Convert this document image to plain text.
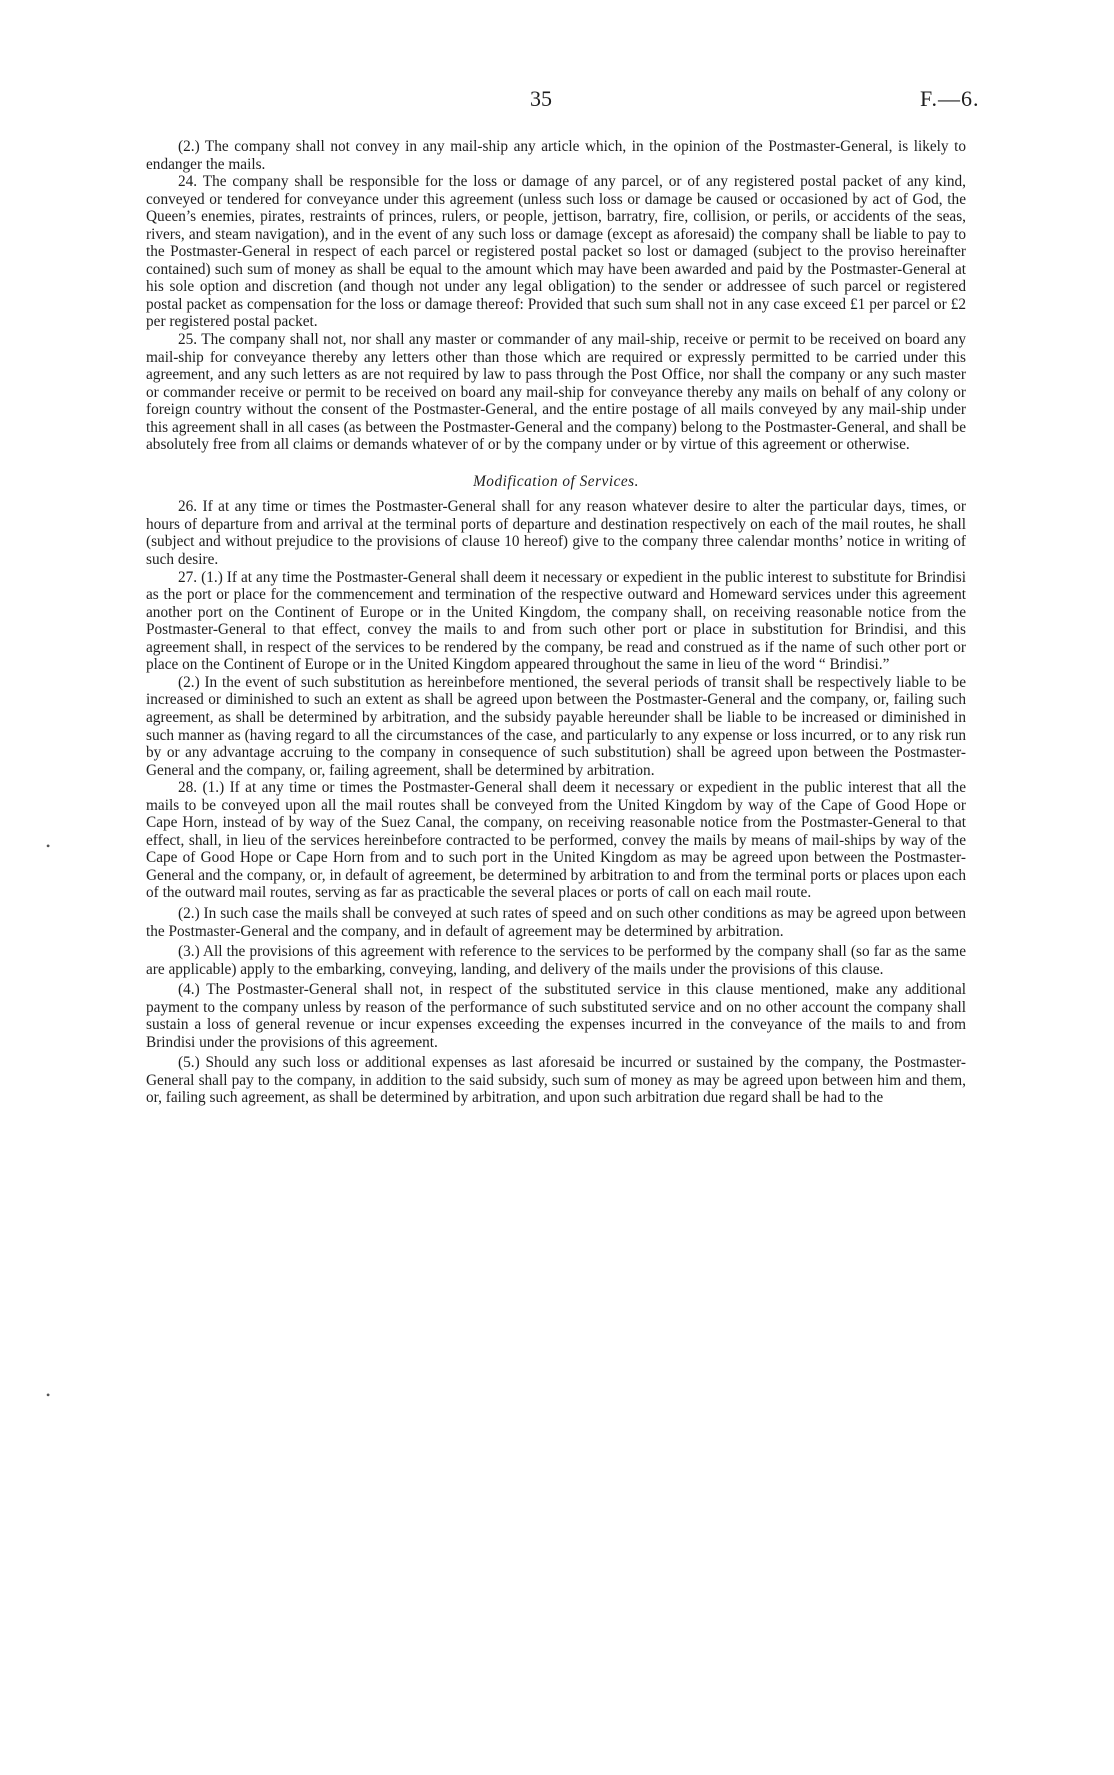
35	F.—6.

(2.) The company shall not convey in any mail-ship any article which, in the opinion of the Postmaster-General, is likely to endanger the mails.

24. The company shall be responsible for the loss or damage of any parcel, or of any registered postal packet of any kind, conveyed or tendered for conveyance under this agreement (unless such loss or damage be caused or occasioned by act of God, the Queen’s enemies, pirates, restraints of princes, rulers, or people, jettison, barratry, fire, collision, or perils, or accidents of the seas, rivers, and steam navigation), and in the event of any such loss or damage (except as aforesaid) the company shall be liable to pay to the Postmaster-General in respect of each parcel or registered postal packet so lost or damaged (subject to the proviso hereinafter contained) such sum of money as shall be equal to the amount which may have been awarded and paid by the Postmaster-General at his sole option and discretion (and though not under any legal obligation) to the sender or addressee of such parcel or registered postal packet as compensation for the loss or damage thereof: Provided that such sum shall not in any case exceed £1 per parcel or £2 per registered postal packet.

25. The company shall not, nor shall any master or commander of any mail-ship, receive or permit to be received on board any mail-ship for conveyance thereby any letters other than those which are required or expressly permitted to be carried under this agreement, and any such letters as are not required by law to pass through the Post Office, nor shall the company or any such master or commander receive or permit to be received on board any mail-ship for conveyance thereby any mails on behalf of any colony or foreign country without the consent of the Postmaster-General, and the entire postage of all mails conveyed by any mail-ship under this agreement shall in all cases (as between the Postmaster-General and the company) belong to the Postmaster-General, and shall be absolutely free from all claims or demands whatever of or by the company under or by virtue of this agreement or otherwise.

Modification of Services.

26. If at any time or times the Postmaster-General shall for any reason whatever desire to alter the particular days, times, or hours of departure from and arrival at the terminal ports of departure and destination respectively on each of the mail routes, he shall (subject and without prejudice to the provisions of clause 10 hereof) give to the company three calendar months’ notice in writing of such desire.

27. (1.) If at any time the Postmaster-General shall deem it necessary or expedient in the public interest to substitute for Brindisi as the port or place for the commencement and termination of the respective outward and Homeward services under this agreement another port on the Continent of Europe or in the United Kingdom, the company shall, on receiving reasonable notice from the Postmaster-General to that effect, convey the mails to and from such other port or place in substitution for Brindisi, and this agreement shall, in respect of the services to be rendered by the company, be read and construed as if the name of such other port or place on the Continent of Europe or in the United Kingdom appeared throughout the same in lieu of the word “ Brindisi.”

(2.) In the event of such substitution as hereinbefore mentioned, the several periods of transit shall be respectively liable to be increased or diminished to such an extent as shall be agreed upon between the Postmaster-General and the company, or, failing such agreement, as shall be determined by arbitration, and the subsidy payable hereunder shall be liable to be increased or diminished in such manner as (having regard to all the circumstances of the case, and particularly to any expense or loss incurred, or to any risk run by or any advantage accruing to the company in consequence of such substitution) shall be agreed upon between the Postmaster-General and the company, or, failing agreement, shall be determined by arbitration.

28. (1.) If at any time or times the Postmaster-General shall deem it necessary or expedient in the public interest that all the mails to be conveyed upon all the mail routes shall be conveyed from the United Kingdom by way of the Cape of Good Hope or Cape Horn, instead of by way of the Suez Canal, the company, on receiving reasonable notice from the Postmaster-General to that effect, shall, in lieu of the services hereinbefore contracted to be performed, convey the mails by means of mail-ships by way of the Cape of Good Hope or Cape Horn from and to such port in the United Kingdom as may be agreed upon between the Postmaster-General and the company, or, in default of agreement, be determined by arbitration to and from the terminal ports or places upon each of the outward mail routes, serving as far as practicable the several places or ports of call on each mail route.

(2.) In such case the mails shall be conveyed at such rates of speed and on such other conditions as may be agreed upon between the Postmaster-General and the company, and in default of agreement may be determined by arbitration.

(3.) All the provisions of this agreement with reference to the services to be performed by the company shall (so far as the same are applicable) apply to the embarking, conveying, landing, and delivery of the mails under the provisions of this clause.

(4.) The Postmaster-General shall not, in respect of the substituted service in this clause mentioned, make any additional payment to the company unless by reason of the performance of such substituted service and on no other account the company shall sustain a loss of general revenue or incur expenses exceeding the expenses incurred in the conveyance of the mails to and from Brindisi under the provisions of this agreement.

(5.) Should any such loss or additional expenses as last aforesaid be incurred or sustained by the company, the Postmaster-General shall pay to the company, in addition to the said subsidy, such sum of money as may be agreed upon between him and them, or, failing such agreement, as shall be determined by arbitration, and upon such arbitration due regard shall be had to the

•
•
